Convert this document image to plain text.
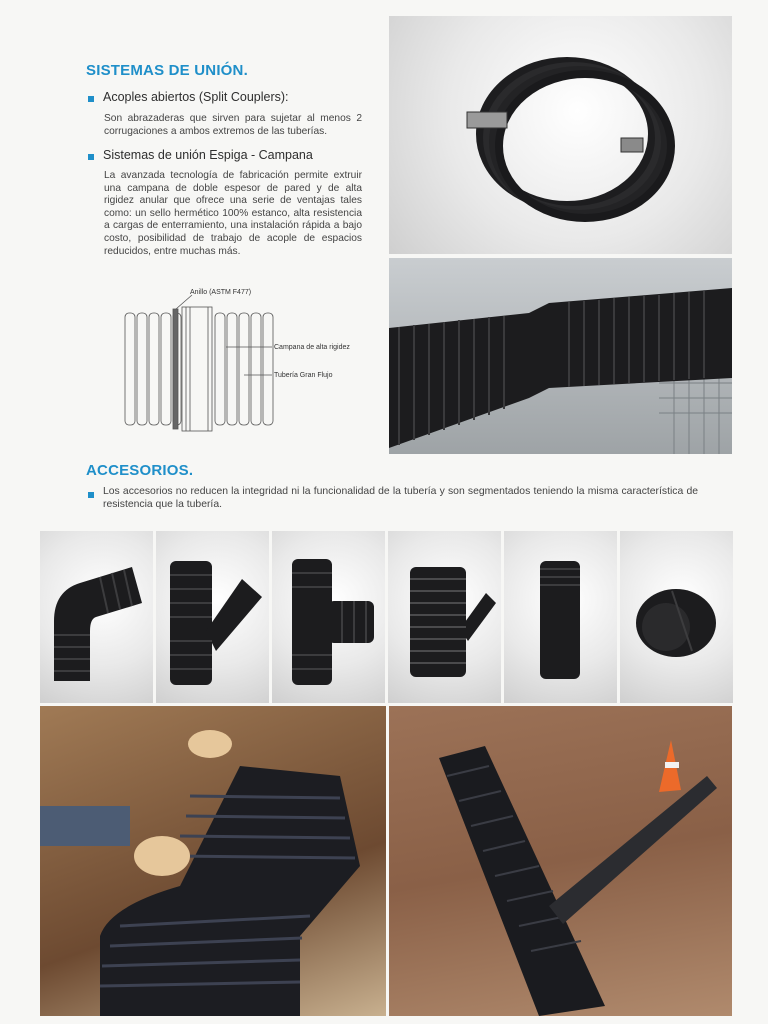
SISTEMAS DE UNIÓN.
Acoples abiertos (Split Couplers):
Son abrazaderas que sirven para sujetar al menos 2 corrugaciones a ambos extremos de las tuberías.
Sistemas de unión Espiga - Campana
La avanzada tecnología de fabricación permite extruir una campana de doble espesor de pared y de alta rigidez anular que ofrece una serie de ventajas tales como: un sello hermético 100% estanco, alta resistencia a cargas de enterramiento, una instalación rápida a bajo costo, posibilidad de trabajo de acople de espacios reducidos, entre muchas más.
Anillo (ASTM F477)
Campana de alta rigidez
Tubería Gran Flujo
ACCESORIOS.
Los accesorios no reducen la integridad ni la funcionalidad de la tubería y son segmentados teniendo la misma característica de resistencia que la tubería.
